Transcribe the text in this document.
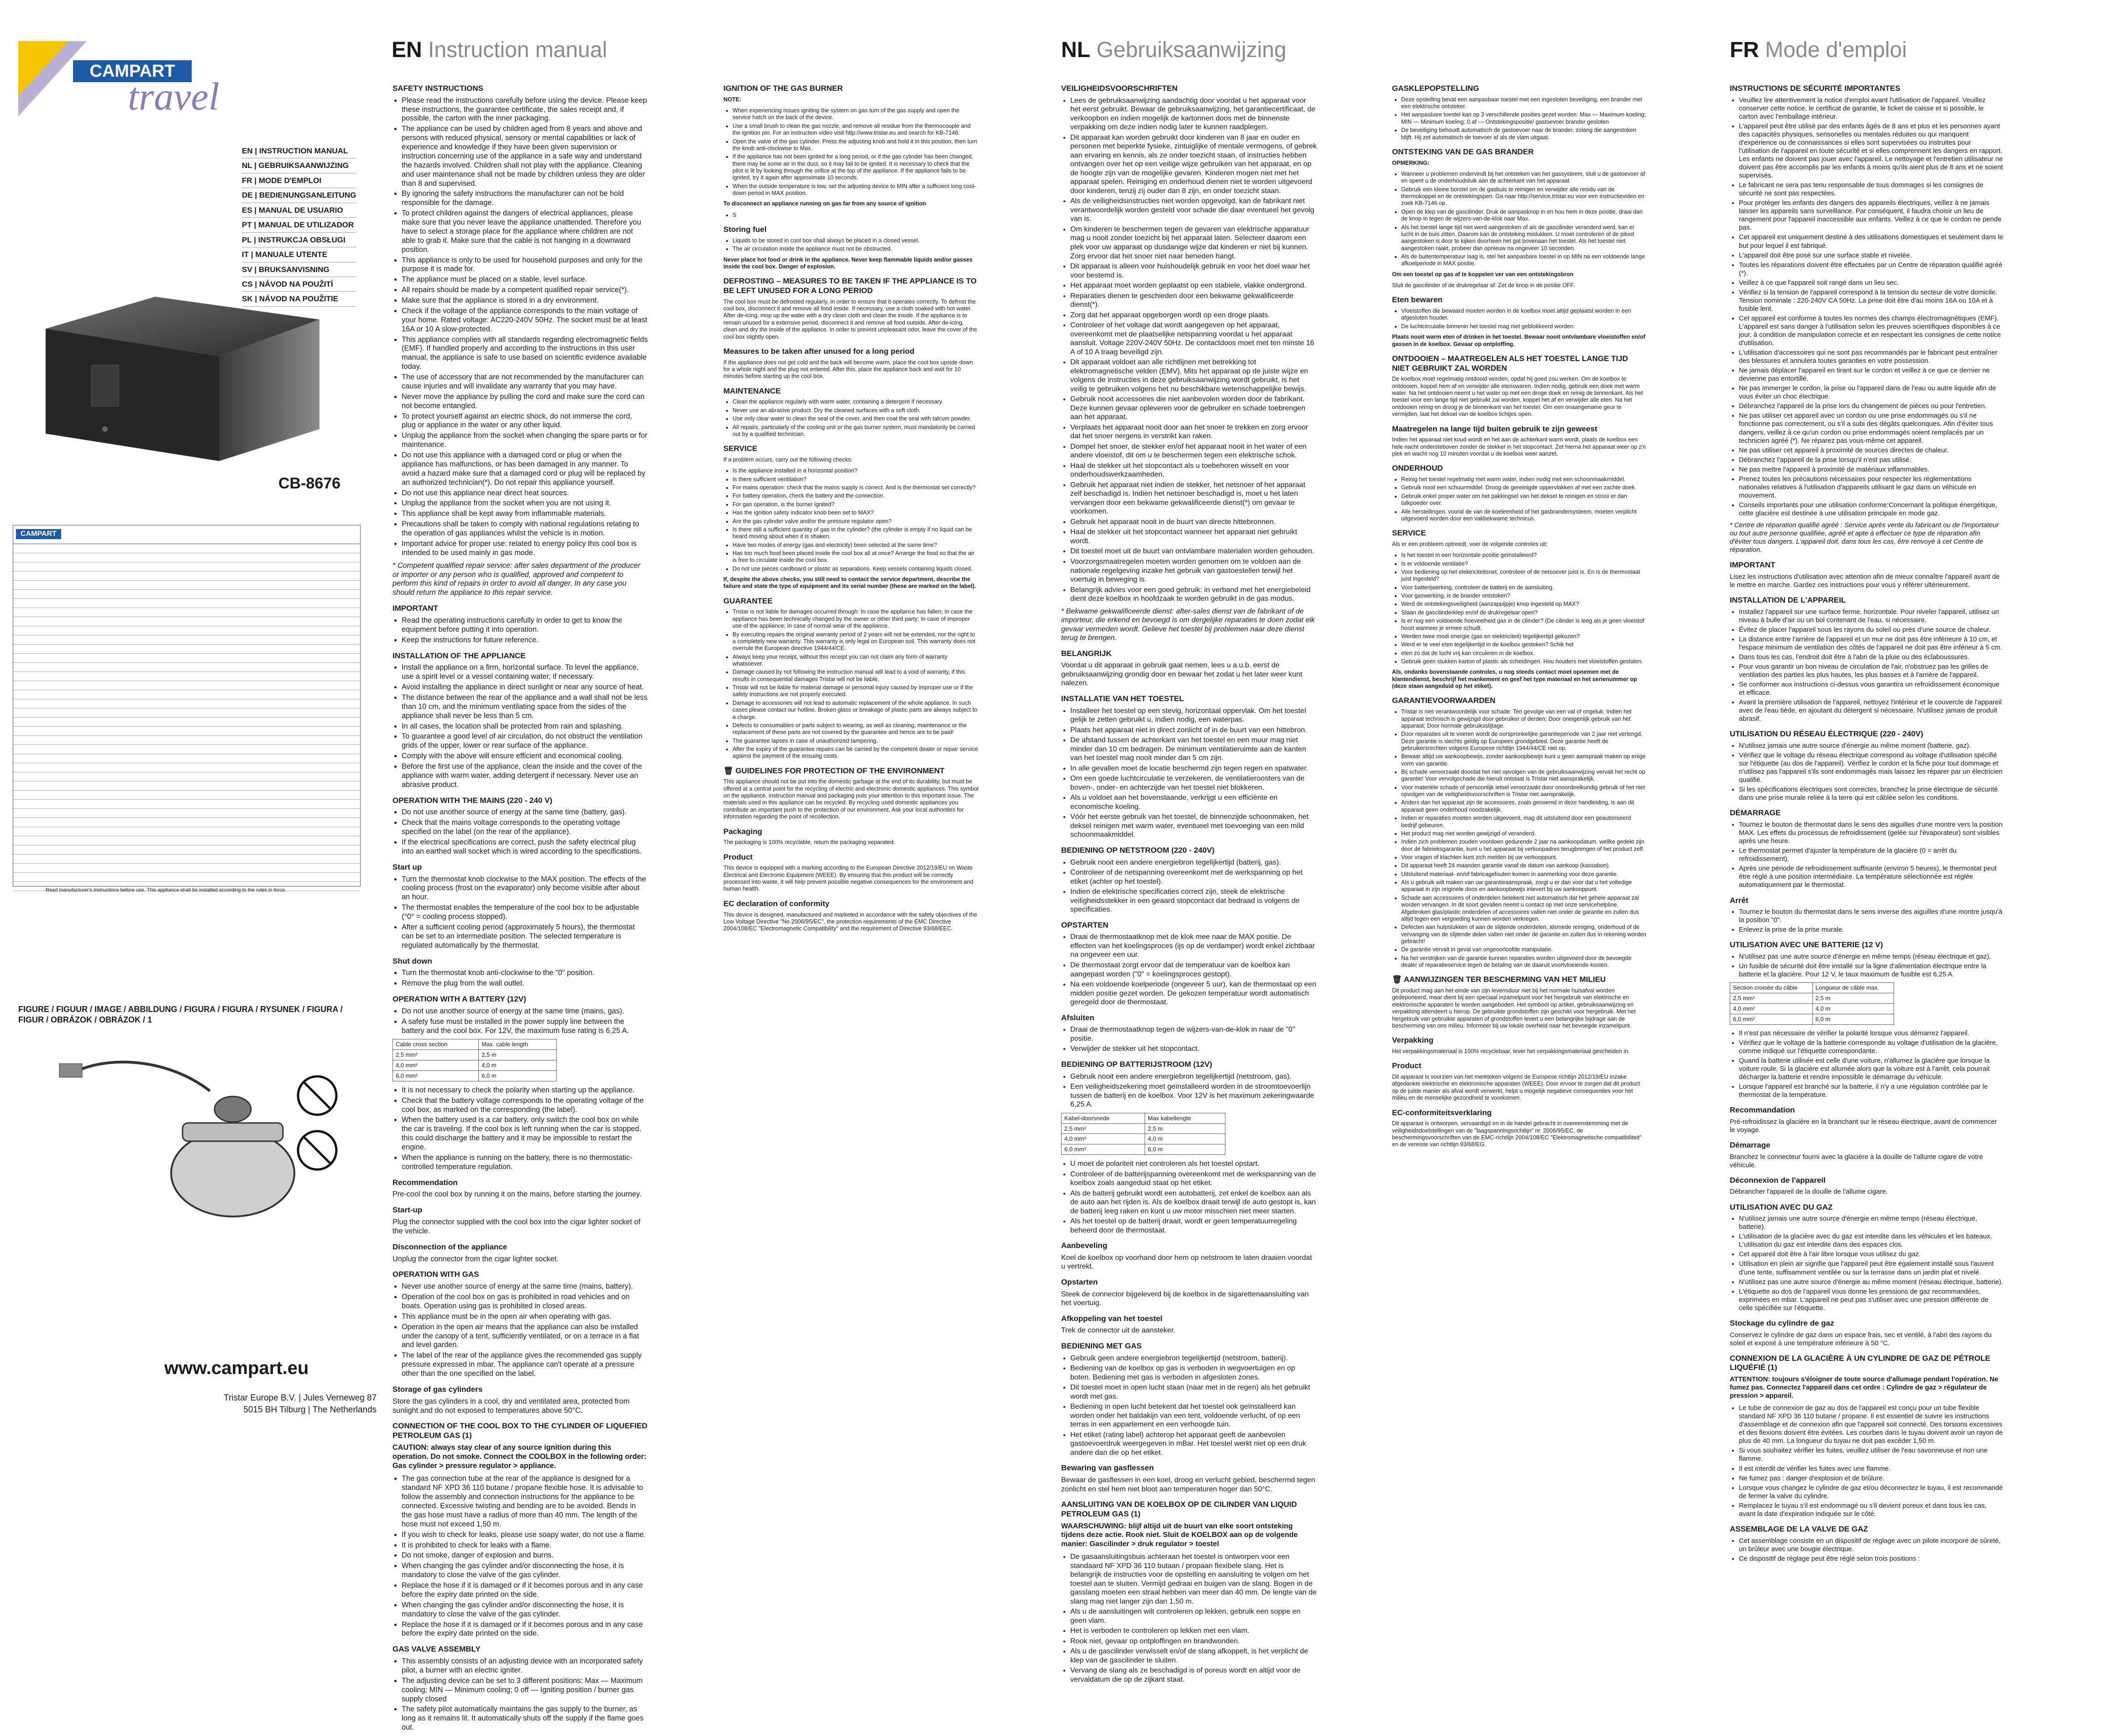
CAMPART
travel
EN | INSTRUCTION MANUAL
NL | GEBRUIKSAANWIJZING
FR | MODE D'EMPLOI
DE | BEDIENUNGSANLEITUNG
ES | MANUAL DE USUARIO
PT | MANUAL DE UTILIZADOR
PL | INSTRUKCJA OBSŁUGI
IT | MANUALE UTENTE
SV | BRUKSANVISNING
CS | NÁVOD NA POUŽITÍ
SK | NÁVOD NA POUŽITIE
CB-8676
CAMPART
Read manufacturer's instructions before use. This appliance shall be installed according to the rules in force.
FIGURE / FIGUUR / IMAGE / ABBILDUNG / FIGURA / FIGURA / RYSUNEK / FIGURA / FIGUR / OBRÁZOK / OBRÁZOK / 1
www.campart.eu
Tristar Europe B.V. | Jules Verneweg 87
5015 BH Tilburg | The Netherlands
EN Instruction manual	NL Gebruiksaanwijzing	FR Mode d'emploi
SAFETY INSTRUCTIONS
• Please read the instructions carefully before using the device. Please keep these instructions, the guarantee certificate, the sales receipt and, if possible, the carton with the inner packaging.
• The appliance can be used by children aged from 8 years and above and persons with reduced physical, sensory or mental capabilities or lack of experience and knowledge if they have been given supervision or instruction concerning use of the appliance in a safe way and understand the hazards involved. Children shall not play with the appliance. Cleaning and user maintenance shall not be made by children unless they are older than 8 and supervised.
• By ignoring the safety instructions the manufacturer can not be hold responsible for the damage.
• To protect children against the dangers of electrical appliances, please make sure that you never leave the appliance unattended. Therefore you have to select a storage place for the appliance where children are not able to grab it. Make sure that the cable is not hanging in a downward position.
• This appliance is only to be used for household purposes and only for the purpose it is made for.
• The appliance must be placed on a stable, level surface.
• All repairs should be made by a competent qualified repair service(*).
• Make sure that the appliance is stored in a dry environment.
• Check if the voltage of the appliance corresponds to the main voltage of your home. Rated voltage: AC220-240V 50Hz. The socket must be at least 16A or 10 A slow-protected.
• This appliance complies with all standards regarding electromagnetic fields (EMF). If handled properly and according to the instructions in this user manual, the appliance is safe to use based on scientific evidence available today.
• The use of accessory that are not recommended by the manufacturer can cause injuries and will invalidate any warranty that you may have.
• Never move the appliance by pulling the cord and make sure the cord can not become entangled.
• To protect yourself against an electric shock, do not immerse the cord, plug or appliance in the water or any other liquid.
• Unplug the appliance from the socket when changing the spare parts or for maintenance.
• Do not use this appliance with a damaged cord or plug or when the appliance has malfunctions, or has been damaged in any manner. To avoid a hazard make sure that a damaged cord or plug will be replaced by an authorized technician(*). Do not repair this appliance yourself.
• Do not use this appliance near direct heat sources.
• Unplug the appliance from the socket when you are not using it.
• This appliance shall be kept away from inflammable materials.
• Precautions shall be taken to comply with national regulations relating to the operation of gas appliances whilst the vehicle is in motion.
• Important advice for proper use: related to energy policy this cool box is intended to be used mainly in gas mode.

* Competent qualified repair service: after sales department of the producer or importer or any person who is qualified, approved and competent to perform this kind of repairs in order to avoid all danger. In any case you should return the appliance to this repair service.

IMPORTANT
• Read the operating instructions carefully in order to get to know the equipment before putting it into operation.
• Keep the instructions for future reference.
INSTALLATION OF THE APPLIANCE
• Install the appliance on a firm, horizontal surface. To level the appliance, use a spirit level or a vessel containing water, if necessary.
• Avoid installing the appliance in direct sunlight or near any source of heat.
• The distance between the rear of the appliance and a wall shall not be less than 10 cm, and the minimum ventilating space from the sides of the appliance shall never be less than 5 cm.
• In all cases, the location shall be protected from rain and splashing.
• To guarantee a good level of air circulation, do not obstruct the ventilation grids of the upper, lower or rear surface of the appliance.
• Comply with the above will ensure efficient and economical cooling.
• Before the first use of the appliance, clean the inside and the cover of the appliance with warm water, adding detergent if necessary. Never use an abrasive product.
OPERATION WITH THE MAINS (220 - 240 V)
• Do not use another source of energy at the same time (battery, gas).
• Check that the mains voltage corresponds to the operating voltage specified on the label (on the rear of the appliance).
• If the electrical specifications are correct, push the safety electrical plug into an earthed wall socket which is wired according to the specifications.
Start up
• Turn the thermostat knob clockwise to the MAX position. The effects of the cooling process (frost on the evaporator) only become visible after about an hour.
• The thermostat enables the temperature of the cool box to be adjustable (°0° = cooling process stopped).
• After a sufficient cooling period (approximately 5 hours), the thermostat can be set to an intermediate position. The selected temperature is regulated automatically by the thermostat.
Shut down
• Turn the thermostat knob anti-clockwise to the "0" position.
• Remove the plug from the wall outlet.
OPERATION WITH A BATTERY (12V)
• Do not use another source of energy at the same time (mains, gas).
• A safety fuse must be installed in the power supply line between the battery and the cool box. For 12V, the maximum fuse rating is 6,25 A.
Cable cross section	Max. cable length
2,5 mm²	2,5 m
4,0 mm²	4,0 m
6,0 mm²	6,0 m
• It is not necessary to check the polarity when starting up the appliance.
• Check that the battery voltage corresponds to the operating voltage of the cool box, as marked on the corresponding (the label).
• When the battery used is a car battery, only switch the cool box on while the car is traveling. If the cool box is left running when the car is stopped, this could discharge the battery and it may be impossible to restart the engine.
• When the appliance is running on the battery, there is no thermostatic-controlled temperature regulation.
Recommendation

Pre-cool the cool box by running it on the mains, before starting the journey.

Start-up

Plug the connector supplied with the cool box into the cigar lighter socket of the vehicle.

Disconnection of the appliance

Unplug the connector from the cigar lighter socket.

OPERATION WITH GAS
• Never use another source of energy at the same time (mains, battery).
• Operation of the cool box on gas is prohibited in road vehicles and on boats. Operation using gas is prohibited in closed areas.
• This appliance must be in the open air when operating with gas.
• Operation in the open air means that the appliance can also be installed under the canopy of a tent, sufficiently ventilated, or on a terrace in a flat and level garden.
• The label of the rear of the appliance gives the recommended gas supply pressure expressed in mbar. The appliance can't operate at a pressure other than the one specified on the label.
Storage of gas cylinders

Store the gas cylinders in a cool, dry and ventilated area, protected from sunlight and do not exposed to temperatures above 50°C.

CONNECTION OF THE COOL BOX TO THE CYLINDER OF LIQUEFIED PETROLEUM GAS (1)

CAUTION: always stay clear of any source ignition during this operation. Do not smoke. Connect the COOLBOX in the following order: Gas cylinder > pressure regulator > appliance.

• The gas connection tube at the rear of the appliance is designed for a standard NF XPD 36 110 butane / propane flexible hose. It is advisable to follow the assembly and connection instructions for the appliance to be connected. Excessive twisting and bending are to be avoided. Bends in the gas hose must have a radius of more than 40 mm. The length of the hose must not exceed 1,50 m.
• If you wish to check for leaks, please use soapy water, do not use a flame.
• It is prohibited to check for leaks with a flame.
• Do not smoke, danger of explosion and burns.
• When changing the gas cylinder and/or disconnecting the hose, it is mandatory to close the valve of the gas cylinder.
• Replace the hose if it is damaged or if it becomes porous and in any case before the expiry date printed on the side.
• When changing the gas cylinder and/or disconnecting the hose, it is mandatory to close the valve of the gas cylinder.
• Replace the hose if it is damaged or if it becomes porous and in any case before the expiry date printed on the side.
GAS VALVE ASSEMBLY
• This assembly consists of an adjusting device with an incorporated safety pilot, a burner with an electric igniter.
• The adjusting device can be set to 3 different positions: Max — Maximum cooling; MIN — Minimum cooling; 0 off — Igniting position / burner gas supply closed
• The safety pilot automatically maintains the gas supply to the burner, as long as it remains lit. It automatically shuts off the supply if the flame goes out.
IGNITION OF THE GAS BURNER

NOTE:

• When experiencing issues igniting the system on gas turn of the gas supply and open the service hatch on the back of the device.
• Use a small brush to clean the gas nozzle, and remove all residue from the thermocouple and the ignition pin. For an instruction video visit http://www.tristar.eu and search for KB-7146.
• Open the valve of the gas cylinder. Press the adjusting knob and hold it in this position, then turn the knob anti-clockwise to Max.
• If the appliance has not been ignited for a long period, or if the gas cylinder has been changed, there may be some air in the duct, so it may fail to be ignited. It is necessary to check that the pilot is lit by looking through the orifice at the top of the appliance. If the appliance fails to be ignited, try it again after approximate 10 seconds.
• When the outside temperature is low, set the adjusting device to MIN after a sufficient long cool-down period in MAX position.

To disconnect an appliance running on gas far from any source of ignition

• S
Storing fuel
• Liquids to be stored in cool box shall always be placed in a closed vessel.
• The air circulation inside the appliance must not be obstructed.

Never place hot food or drink in the appliance. Never keep flammable liquids and/or gasses inside the cool box. Danger of explosion.

DEFROSTING – MEASURES TO BE TAKEN IF THE APPLIANCE IS TO BE LEFT UNUSED FOR A LONG PERIOD

The cool box must be defrosted regularly, in order to ensure that it operates correctly. To defrost the cool box, disconnect it and remove all food inside. If necessary, use a cloth soaked with hot water. After de-icing, mop up the water with a dry clean cloth and clean the inside. If the appliance is to remain unused for a extensive period, disconnect it and remove all food outside. After de-icing, clean and dry the inside of the appliance. In order to prevent unpleasant odor, leave the cover of the cool box slightly open.

Measures to be taken after unused for a long period

If the appliance does not get cold and the back will become warm, place the cool box upside down for a whole night and the plug not entered. After this, place the appliance back and wait for 10 minutes before starting up the cool box.

MAINTENANCE
• Clean the appliance regularly with warm water, containing a detergent if necessary.
• Never use an abrasive product. Dry the cleaned surfaces with a soft cloth.
• Use only clear water to clean the seal of the cover, and then coat the seal with talcum powder.
• All repairs, particularly of the cooling unit or the gas burner system, must mandatorily be carried out by a qualified technician.
SERVICE

If a problem occurs, carry out the following checks:

• Is the appliance installed in a horizontal position?
• Is there sufficient ventilation?
• For mains operation: check that the mains supply is correct. And is the thermostat set correctly?
• For battery operation, check the battery and the connection.
• For gas operation, is the burner ignited?
• Has the ignition safety indicator knob been set to MAX?
• Are the gas cylinder valve and/or the pressure regulator open?
• Is there still a sufficient quantity of gas in the cylinder? (the cylinder is empty if no liquid can be heard moving about when it is shaken.
• Have two modes of energy (gas and electricity) been selected at the same time?
• Has too much food been placed inside the cool box all at once? Arrange the food so that the air is free to circulate inside the cool box.
• Do not use pieces cardboard or plastic as separations. Keep vessels containing liquids closed.

If, despite the above checks, you still need to contact the service department, describe the failure and state the type of equipment and its serial number (these are marked on the label).

GUARANTEE
• Tristar is not liable for damages occurred through: In case the appliance has fallen; In case the appliance has been technically changed by the owner or other third party; In case of improper use of the appliance; In case of normal wear of the appliance.
• By executing repairs the original warranty period of 2 years will not be extended, nor the right to a completely new warranty. This warranty is only legal on European soil. This warranty does not overrule the European directive 1944/44/CE.
• Always keep your receipt, without this receipt you can not claim any form of warranty whatsoever.
• Damage caused by not following the instruction manual will lead to a void of warranty, if this results in consequential damages Tristar will not be liable.
• Tristar will not be liable for material damage or personal injury caused by improper use or if the safety instructions are not properly executed.
• Damage to accessories will not lead to automatic replacement of the whole appliance. In such cases please contact our hotline. Broken glass or breakage of plastic parts are always subject to a charge.
• Defects to consumables or parts subject to wearing, as well as cleaning, maintenance or the replacement of these parts are not covered by the guarantee and hence are to be paid!
• The guarantee lapses in case of unauthorized tampering.
• After the expiry of the guarantee repairs can be carried by the competent dealer or repair service against the payment of the ensuing costs.
🗑 GUIDELINES FOR PROTECTION OF THE ENVIRONMENT

This appliance should not be put into the domestic garbage at the end of its durability, but must be offered at a central point for the recycling of electric and electronic domestic appliances. This symbol on the appliance, instruction manual and packaging puts your attention to this important issue. The materials used in this appliance can be recycled. By recycling used domestic appliances you contribute an important push to the protection of our environment. Ask your local authorities for information regarding the point of recollection.

Packaging

The packaging is 100% recyclable, return the packaging separated.

Product

This device is equipped with a marking according to the European Directive 2012/19/EU on Waste Electrical and Electronic Equipment (WEEE). By ensuring that this product will be correctly processed into waste, it will help prevent possible negative consequences for the environment and human health.

EC declaration of conformity

This device is designed, manufactured and marketed in accordance with the safety objectives of the Low Voltage Directive "No 2006/95/EC", the protection requirements of the EMC Directive 2004/108/EC "Electromagnetic Compatibility" and the requirement of Directive 93/68/EEC.

VEILIGHEIDSVOORSCHRIFTEN
• Lees de gebruiksaanwijzing aandachtig door voordat u het apparaat voor het eerst gebruikt. Bewaar de gebruiksaanwijzing, het garantiecertificaat, de verkoopbon en indien mogelijk de kartonnen doos met de binnenste verpakking om deze indien nodig later te kunnen raadplegen.
• Dit apparaat kan worden gebruikt door kinderen van 8 jaar en ouder en personen met beperkte fysieke, zintuiglijke of mentale vermogens, of gebrek aan ervaring en kennis, als ze onder toezicht staan, of instructies hebben ontvangen over het op een veilige wijze gebruiken van het apparaat, en op de hoogte zijn van de mogelijke gevaren. Kinderen mogen niet met het apparaat spelen. Reiniging en onderhoud dienen niet te worden uitgevoerd door kinderen, tenzij zij ouder dan 8 zijn, en onder toezicht staan.
• Als de veiligheidsinstructies niet worden opgevolgd, kan de fabrikant niet verantwoordelijk worden gesteld voor schade die daar eventueel het gevolg van is.
• Om kinderen te beschermen tegen de gevaren van elektrische apparatuur mag u nooit zonder toezicht bij het apparaat laten. Selecteer daarom een plek voor uw apparaat op dusdanige wijze dat kinderen er niet bij kunnen. Zorg ervoor dat het snoer niet naar beneden hangt.
• Dit apparaat is alleen voor huishoudelijk gebruik en voor het doel waar het voor bestemd is.
• Het apparaat moet worden geplaatst op een stabiele, vlakke ondergrond.
• Reparaties dienen te geschieden door een bekwame gekwalificeerde dienst(*).
• Zorg dat het apparaat opgeborgen wordt op een droge plaats.
• Controleer of het voltage dat wordt aangegeven op het apparaat, overeenkomt met de plaatselijke netspanning voordat u het apparaat aansluit. Voltage 220V-240V 50Hz. De contactdoos moet met ten minste 16 A of 10 A traag beveiligd zijn.
• Dit apparaat voldoet aan alle richtlijnen met betrekking tot elektromagnetische velden (EMV). Mits het apparaat op de juiste wijze en volgens de instructies in deze gebruiksaanwijzing wordt gebruikt, is het veilig te gebruiken volgens het nu beschikbare wetenschappelijke bewijs.
• Gebruik nooit accessoires die niet aanbevolen worden door de fabrikant. Deze kunnen gevaar opleveren voor de gebruiker en schade toebrengen aan het apparaat.
• Verplaats het apparaat nooit door aan het snoer te trekken en zorg ervoor dat het snoer nergens in verstrikt kan raken.
• Dompel het snoer, de stekker en/of het apparaat nooit in het water of een andere vloeistof, dit om u te beschermen tegen een elektrische schok.
• Haal de stekker uit het stopcontact als u toebehoren wisselt en voor onderhoudswerkzaamheden.
• Gebruik het apparaat niet indien de stekker, het netsnoer of het apparaat zelf beschadigd is. Indien het netsnoer beschadigd is, moet u het laten vervangen door een bekwame gekwalificeerde dienst(*) om gevaar te voorkomen.
• Gebruik het apparaat nooit in de buurt van directe hittebronnen.
• Haal de stekker uit het stopcontact wanneer het apparaat niet gebruikt wordt.
• Dit toestel moet uit de buurt van ontvlambare materialen worden gehouden.
• Voorzorgsmaatregelen moeten worden genomen om te voldoen aan de nationale regelgeving inzake het gebruik van gastoestellen terwijl het voertuig in beweging is.
• Belangrijk advies voor een goed gebruik: in verband met het energiebeleid dient deze koelbox in hoofdzaak te worden gebruikt in de gas modus.

* Bekwame gekwalificeerde dienst: after-sales dienst van de fabrikant of de importeur, die erkend en bevoegd is om dergelijke reparaties te doen zodat elk gevaar vermeden wordt. Gelieve het toestel bij problemen naar deze dienst terug te brengen.

BELANGRIJK

Voordat u dit apparaat in gebruik gaat nemen, lees u a.u.b. eerst de gebruiksaanwijzing grondig door en bewaar het zodat u het later weer kunt nalezen.

INSTALLATIE VAN HET TOESTEL
• Installeer het toestel op een stevig, horizontaal oppervlak. Om het toestel gelijk te zetten gebruikt u, indien nodig, een waterpas.
• Plaats het apparaat niet in direct zonlicht of in de buurt van een hittebron.
• De afstand tussen de achterkant van het toestel en een muur mag niet minder dan 10 cm bedragen. De minimum ventilatieruimte aan de kanten van het toestel mag nooit minder dan 5 cm zijn.
• In alle gevallen moet de locatie beschermd zijn tegen regen en spatwater.
• Om een goede luchtcirculatie te verzekeren, de ventilatieroosters van de boven-, onder- en achterzijde van het toestel niet blokkeren.
• Als u voldoet aan het bovenstaande, verkrijgt u een efficiënte en economische koeling.
• Vóór het eerste gebruik van het toestel, de binnenzijde schoonmaken, het deksel reinigen met warm water, eventueel met toevoeging van een mild schoonmaakmiddel.
BEDIENING OP NETSTROOM (220 - 240V)
• Gebruik nooit een andere energiebron tegelijkertijd (batterij, gas).
• Controleer of de netspanning overeenkomt met de werkspanning op het etiket (achter op het toestel).
• Indien de elektrische specificaties correct zijn, steek de elektrische veiligheidsstekker in een geaard stopcontact dat bedraad is volgens de specificaties.
OPSTARTEN
• Draai de thermostaatknop met de klok mee naar de MAX positie. De effecten van het koelingsproces (ijs op de verdamper) wordt enkel zichtbaar na ongeveer een uur.
• De thermostaat zorgt ervoor dat de temperatuur van de koelbox kan aangepast worden ("0" = koelingsproces gestopt).
• Na een voldoende koelperiode (ongeveer 5 uur), kan de thermostaat op een midden positie gezet worden. De gekozen temperatuur wordt automatisch geregeld door de thermostaat.
Afsluiten
• Draai de thermostaatknop tegen de wijzers-van-de-klok in naar de "0" positie.
• Verwijder de stekker uit het stopcontact.
BEDIENING OP BATTERIJSTROOM (12V)
• Gebruik nooit een andere energiebron tegelijkertijd (netstroom, gas).
• Een veiligheidszekering moet geïnstalleerd worden in de stroomtoevoerlijn tussen de batterij en de koelbox. Voor 12V is het maximum zekeringwaarde 6,25 A.
Kabel-doorsnede	Max kabellengte
2,5 mm²	2,5 m
4,0 mm²	4,0 m
6,0 mm²	6,0 m
• U moet de polariteit niet controleren als het toestel opstart.
• Controleer of de batterijspanning overeenkomt met de werkspanning van de koelbox zoals aangeduid staat op het etiket.
• Als de batterij gebruikt wordt een autobatterij, zet enkel de koelbox aan als de auto aan het rijden is. Als de koelbox draait terwijl de auto gestopt is, kan de batterij leeg raken en kunt u uw motor misschien niet meer starten.
• Als het toestel op de batterij draait, wordt er geen temperatuurregeling beheerd door de thermostaat.
Aanbeveling

Koel de koelbox op voorhand door hem op netstroom te laten draaien voordat u vertrekt.

Opstarten

Steek de connector bijgeleverd bij de koelbox in de sigarettenaansluiting van het voertuig.

Afkoppeling van het toestel

Trek de connector uit de aansteker.

BEDIENING MET GAS
• Gebruik geen andere energiebron tegelijkertijd (netstroom, batterij).
• Bediening van de koelbox op gas is verboden in wegvoertuigen en op boten. Bediening met gas is verboden in afgesloten zones.
• Dit toestel moet in open lucht staan (naar met in de regen) als het gebruikt wordt met gas.
• Bediening in open lucht betekent dat het toestel ook geïnstalleerd kan worden onder het baldakijn van een tent, voldoende verlucht, of op een terras in een appartement en een verhoogde tuin.
• Het etiket (rating label) achterop het apparaat geeft de aanbevolen gastoevoerdruk weergegeven in mBar. Het toestel werkt niet op een druk andere dan die op het etiket.
Bewaring van gasflessen

Bewaar de gasflessen in een koel, droog en verlucht gebied, beschermd tegen zonlicht en stel hem niet bloot aan temperaturen hoger dan 50°C.

AANSLUITING VAN DE KOELBOX OP DE CILINDER VAN LIQUID PETROLEUM GAS (1)

WAARSCHUWING: blijf altijd uit de buurt van elke soort ontsteking tijdens deze actie. Rook niet. Sluit de KOELBOX aan op de volgende manier: Gascilinder > druk regulator > toestel

• De gasaansluitingsbuis achteraan het toestel is ontworpen voor een standaard NF XPD 36 110 butaan / propaan flexibele slang. Het is belangrijk de instructies voor de opstelling en aansluiting te volgen om het toestel aan te sluiten. Vermijd gedraai en buigen van de slang. Bogen in de gasslang moeten een straal hebben van meer dan 40 mm. De lengte van de slang mag niet langer zijn dan 1,50 m.
• Als u de aansluitingen wilt controleren op lekken, gebruik een soppe en geen vlam.
• Het is verboden te controleren op lekken met een vlam.
• Rook niet, gevaar op ontploffingen en brandwonden.
• Als u de gascilinder verwisselt en/of de slang afkoppelt, is het verplicht de klep van de gascilinder te sluiten.
• Vervang de slang als ze beschadigd is of poreus wordt en altijd voor de vervaldatum die op de zijkant staat.
GASKLEPOPSTELLING
• Deze opstelling bevat een aanpasbaar toestel met een ingesloten beveiliging, een brander met een elektrische ontsteker.
• Het aanpasbare toestel kan op 3 verschillende posities gezet worden: Max — Maximum koeling; MIN — Minimum koeling; 0 af — Ontstekingspositie/ gastoevoer brander gesloten
• De beveiliging behoudt automatisch de gastoevoer naar de brander, zolang die aangestoken blijft. Hij zet automatisch de toevoer af als de vlam uitgaat.
ONTSTEKING VAN DE GAS BRANDER

OPMERKING:

• Wanneer u problemen ondervindt bij het ontsteken van het gassysteem, sluit u de gastoevoer af en opent u de onderhoudsluik aan de achterkant van het apparaat.
• Gebruik een kleine borstel om de gasbuis te reinigen en verwijder alle residu van de thermokoppel en de ontstekingspen. Ga naar http://service.tristar.eu voor een instructievideo en zoek KB-7146 op.
• Open de klep van de gascilinder. Druk de aanpasknop in en hou hem in deze positie, draai dan de knop in tegen de wijzers-van-de-klok naar Max.
• Als het toestel lange tijd niet werd aangestoken of als de gascilinder veranderd werd, kan er lucht in de buis zitten. Daarom kan de ontsteking mislukken. U moet controleren of de piloot aangestoken is door te kijken doorheen het gat bovenaan het toestel. Als het toestel niet aangestoken raakt, probeer dan opnieuw na ongeveer 10 seconden.
• Als de buitentemperatuur laag is, stel het aanpasbare toestel in op MIN na een voldoende lange afkoelperiode in MAX positie.

Om een toestel op gas af te koppelen ver van een ontstekingsbron

Sluit de gascilinder of de drukregelaar af. Zet de knop in de positie OFF.

Eten bewaren
• Vloeistoffen die bewaard moeten worden in de koelbox moet altijd geplaatst worden in een afgesloten houder.
• De luchtcirculatie binnenin het toestel mag niet geblokkeerd worden.

Plaats nooit warm eten of drinken in het toestel. Bewaar nooit ontvlambare vloeistoffen en/of gassen in de koelbox. Gevaar op ontploffing.

ONTDOOIEN – MAATREGELEN ALS HET TOESTEL LANGE TIJD NIET GEBRUIKT ZAL WORDEN

De koelbox moet regelmatig ontdooid worden, opdat hij goed zou werken. Om de koelbox te ontdooien, koppel hem af en verwijder alle etenswaren. Indien nodig, gebruik een doek met warm water. Na het ontdooien neemt u het water op met een droge doek en reinig de binnenkant. Als het toestel voor een lange tijd niet gebruikt zal worden, koppel het af en verwijder alle eten. Na het ontdooien reinig en droog je de binnenkant van het toestel. Om een onaangename geur te vermijden, laat het deksel van de koelbox lichtjes open.

Maatregelen na lange tijd buiten gebruik te zijn geweest

Indien het apparaat niet koud wordt en het aan de achterkant warm wordt, plaats de koelbox een hele nacht ondersteboven zonder de stekker in het stopcontact. Zet hierna het apparaat weer op z'n plek en wacht nog 10 minuten voordat u de koelbox weer aanzet.

ONDERHOUD
• Reinig het toestel regelmatig met warm water, indien nodig met een schoonmaakmiddel.
• Gebruik nooit een schuurmiddel. Droog de gereinigde oppervlakken af met een zachte doek.
• Gebruik enkel proper water om het pakkingsel van het deksel te reinigen en strooi er dan talkpoeder over.
• Alle herstellingen, vooral de van de koeleenheid of het gasbrandersysteem, moeten verplicht uitgevoerd worden door een vakbekwame technicus.
SERVICE

Als er een probleem optreedt, voer de volgende controles uit:

• Is het toestel in een horizontale positie geïnstalleerd?
• Is er voldoende ventilatie?
• Voor bediening op het elektriciteitsnet, controleer of de netsoever juist is. En is de thermostaat juist ingesteld?
• Voor batterijwerking, controleer de batterij en de aansluiting.
• Voor gaswerking, is de brander ontstoken?
• Werd de ontstekingsveiligheid (aanzappijpje) knop ingesteld op MAX?
• Staan de gascilinderklep en/of de drukregelaar open?
• Is er nog een voldoende hoeveelheid gas in de cilinder? (De cilinder is leeg als je geen vloeistof hoort wanneer je ermee schudt.
• Werden twee modi energie (gas en elektriciteit) tegelijkertijd gekozen?
• Werd er te veel eten tegelijkertijd in de koelbox gestoken? Schik het
• eten zo dat de lucht vrij kan circuleren in de koelbox.
• Gebruik geen stukken karton of plastic als scheidingen. Hou houders met vloeistoffen gesloten.

Als, ondanks bovenstaande controles, u nog steeds contact moet opnemen met de klantendienst, beschrijf het mankement en geef het type materiaal en het serienummer op (deze staan aangeduid op het etiket).

GARANTIEVOORWAARDEN
• Tristar is niet verantwoordelijk voor schade: Ten gevolge van een val of ongeluk; Indien het apparaat technisch is gewijzigd door gebruiker of derden; Door oneigenlijk gebruik van het apparaat; Door normale gebruiksslijtage.
• Door reparaties uit te voeren wordt de oorspronkelijke garantieperiode van 2 jaar niet verlengd. Deze garantie is slechts geldig op Europees grondgebied. Deze garantie heeft de gebruikersrechten volgens Europese richtlijn 1944/44/CE niet op.
• Bewaar altijd uw aankoopbewijs, zonder aankoopbewijs kunt u geen aanspraak maken op enige vorm van garantie.
• Bij schade veroorzaakt doordat het niet opvolgen van de gebruiksaanwijzing vervalt het recht op garantie! Voor vervolgschade die hieruit ontstaat is Tristar niet aansprakelijk.
• Voor materiële schade of persoonlijk letsel veroorzaakt door onoordeelkundig gebruik of het niet opvolgen van de veiligheidsvoorschriften is Tristar niet aansprakelijk.
• Anders dan het apparaat zijn de accessoires, zoals genoemd in deze handleiding, is aan dit apparaat geen onderhoud noodzakelijk.
• Indien er reparaties moeten worden uitgevoerd, mag dit uitsluitend door een geautoriseerd bedrijf gebeuren.
• Het product mag niet worden gewijzigd of veranderd.
• Indien zich problemen zouden voordoen gedurende 2 jaar na aankoopdatum, wellke gedekt zijn door de fabrieksgarantie, kunt u het apparaat bij verkoopadres terugbrengen of het product zelf.
• Voor vragen of klachten kunt zich melden bij uw verkooppunt.
• Dit apparaat heeft 24 maanden garantie vanaf de datum van aankoop (kassabon).
• Uitsluitend materiaal- en/of fabricagefouten komen in aanmerking voor deze garantie.
• Als u gebruik wilt maken van uw garantieaanspraak, zorgt u er dan voor dat u het volledige apparaat in zijn originele doos en aankoopbewijs inlevert bij uw aankooppunt.
• Schade aan accessoires of onderdelen betekent niet automatisch dat het gehele apparaat zal worden vervangen. In dit soort gevallen neemt u contact op met onze servicehelpline. Afgebroken glas/plastic onderdelen of accessoires vallen niet onder de garantie en zullen dus altijd tegen een vergoeding kunnen worden verkregen.
• Defecten aan hulpstukken of aan de slijtende onderdelen, alsmede reiniging, onderhoud of de vervanging van de slijtende delen vallen niet onder de garantie en zullen dus in rekening worden gebracht!
• De garantie vervalt in geval van ongeoorloofde manipulatie.
• Na het verstrijken van de garantie kunnen reparaties worden uitgevoerd door de bevoegde dealer of reparatieservice tegen de betaling van de daaruit voortvloeiende kosten.
🗑 AANWIJZINGEN TER BESCHERMING VAN HET MILIEU

Dit product mag aan het einde van zijn levensduur niet bij het normale huisafval worden gedeponeerd, maar dient bij een speciaal inzamelpunt voor het hergebruik van elektrische en elektronische apparaten te worden aangeboden. Het symbool op artikel, gebruiksaanwijzing en verpakking attendeert u hierop. De gebruikte grondstoffen zijn geschikt voor hergebruik. Met het hergebruik van gebruikte apparaten of grondstoffen levert u een belangrijke bijdrage aan de bescherming van ons milieu. Informeer bij uw lokale overheid naar het bevoegde inzamelpunt.

Verpakking

Het verpakkingsmateriaal is 100% recyclebaar, lever het verpakkingsmateriaal gescheiden in.

Product

Dit apparaat is voorzien van het merkteken volgens de Europese richtlijn 2012/19/EU inzake afgedankte elektrische en elektronische apparaten (WEEE). Door ervoor te zorgen dat dit product op de juiste manier als afval wordt verwerkt, helpt u mogelijk negatieve consequenties voor het milieu en de menselijke gezondheid te voorkomen.

EC-conformiteitsverklaring

Dit apparaat is ontworpen, vervaardigd en in de handel gebracht in overeenstemming met de veiligheidsdoelstellingen van de "laagspanningsrichtlijn" nr. 2006/95/EC, de beschermingsvoorschriften van de EMC-richtlijn 2004/108/EC "Elektromagnetische compatibiliteit" en de vereiste van richtlijn 93/68/EG.

INSTRUCTIONS DE SÉCURITÉ IMPORTANTES
• Veuillez lire attentivement la notice d'emploi avant l'utilisation de l'appareil. Veuillez conserver cette notice, le certificat de garantie, le ticket de caisse et si possible, le carton avec l'emballage intérieur.
• L'appareil peut être utilisé par des enfants âgés de 8 ans et plus et les personnes ayant des capacités physiques, sensorielles ou mentales réduites ou qui manquent d'expérience ou de connaissances si elles sont supervisées ou instruites pour l'utilisation de l'appareil en toute sécurité et si elles comprennent les dangers en rapport. Les enfants ne doivent pas jouer avec l'appareil. Le nettoyage et l'entretien utilisateur ne doivent pas être accomplis par les enfants à moins qu'ils aient plus de 8 ans et ne soient supervisés.
• Le fabricant ne sera pas tenu responsable de tous dommages si les consignes de sécurité ne sont pas respectées.
• Pour protéger les enfants des dangers des appareils électriques, veillez à ne jamais laisser les appareils sans surveillance. Par conséquent, il faudra choisir un lieu de rangement pour l'appareil inaccessible aux enfants. Veillez à ce que le cordon ne pende pas.
• Cet appareil est uniquement destiné à des utilisations domestiques et seulement dans le but pour lequel il est fabriqué.
• L'appareil doit être posé sur une surface stable et nivelée.
• Toutes les réparations doivent être effectuées par un Centre de réparation qualifié agréé (*).
• Veillez à ce que l'appareil soit rangé dans un lieu sec.
• Vérifiez si la tension de l'appareil correspond à la tension du secteur de votre domicile. Tension nominale : 220-240V CA 50Hz. La prise doit être d'au moins 16A ou 10A et à fusible lent.
• Cet appareil est conforme à toutes les normes des champs électromagnétiques (EMF). L'appareil est sans danger à l'utilisation selon les preuves scientifiques disponibles à ce jour, à condition de manipulation correcte et en respectant les consignes de cette notice d'utilisation.
• L'utilisation d'accessoires qui ne sont pas recommandés par le fabricant peut entraîner des blessures et annulera toutes garanties en votre possession.
• Ne jamais déplacer l'appareil en tirant sur le cordon et veillez à ce que ce dernier ne devienne pas entortillé.
• Ne pas immerger le cordon, la prise ou l'appareil dans de l'eau ou autre liquide afin de vous éviter un choc électrique.
• Débranchez l'appareil de la prise lors du changement de pièces ou pour l'entretien.
• Ne pas utiliser cet appareil avec un cordon ou une prise endommagés ou s'il ne fonctionne pas correctement, ou s'il a subi des dégâts quelconques. Afin d'éviter tous dangers, veillez à ce qu'un cordon ou prise endommagés soient remplacés par un technicien agréé (*). Ne réparez pas vous-même cet appareil.
• Ne pas utiliser cet appareil à proximité de sources directes de chaleur.
• Débranchez l'appareil de la prise lorsqu'il n'est pas utilisé.
• Ne pas mettre l'appareil à proximité de matériaux inflammables.
• Prenez toutes les précautions nécessaires pour respecter les réglementations nationales relatives à l'utilisation d'appareils utilisant le gaz dans un véhicule en mouvement.
• Conseils importants pour une utilisation conforme:Concernant la politique énergétique, cette glacière est destinée à une utilisation principale en mode gaz.

* Centre de réparation qualifié agréé : Service après vente du fabricant ou de l'importateur ou tout autre personne qualifiée, agréé et apte à effectuer ce type de réparation afin d'éviter tous dangers. L'appareil doit, dans tous les cas, être renvoyé à cet Centre de réparation.

IMPORTANT

Lisez les instructions d'utilisation avec attention afin de mieux connaître l'appareil avant de le mettre en marche. Gardez ces instructions pour vous y référer ultérieurement.

INSTALLATION DE L'APPAREIL
• Installez l'appareil sur une surface ferme, horizontale. Pour niveler l'appareil, utilisez un niveau à bulle d'air ou un bol contenant de l'eau, si nécessaire.
• Évitez de placer l'appareil sous les rayons du soleil ou près d'une source de chaleur.
• La distance entre l'arrière de l'appareil et un mur ne doit pas être inférieure à 10 cm, et l'espace minimum de ventilation des côtés de l'appareil ne doit pas être inférieur à 5 cm.
• Dans tous les cas, l'endroit doit être à l'abri de la pluie ou des éclaboussures.
• Pour vous garantir un bon niveau de circulation de l'air, n'obstruez pas les grilles de ventilation des parties les plus hautes, les plus basses et à l'arrière de l'appareil.
• Se conformer aux instructions ci-dessus vous garantira un refroidissement économique et efficace.
• Avant la première utilisation de l'appareil, nettoyez l'intérieur et le couvercle de l'appareil avec de l'eau tiède, en ajoutant du détergent si nécessaire. N'utilisez jamais de produit abrasif.
UTILISATION DU RÉSEAU ÉLECTRIQUE (220 - 240V)
• N'utilisez jamais une autre source d'énergie au même moment (batterie, gaz).
• Vérifiez que le voltage du réseau électrique correspond au voltage d'utilisation spécifié sur l'étiquette (au dos de l'appareil). Vérifiez le cordon et la fiche pour tout dommage et n'utilisez pas l'appareil s'ils sont endommagés mais laissez les réparer par un électricien qualifié.
• Si les spécifications électriques sont correctes, branchez la prise électrique de sécurité dans une prise murale reliée à la terre qui est câblée selon les conditions.
DÉMARRAGE
• Tournez le bouton de thermostat dans le sens des aiguilles d'une montre vers la position MAX. Les effets du processus de refroidissement (gelée sur l'évaporateur) sont visibles après une heure.
• Le thermostat permet d'ajuster la température de la glacière (0 = arrêt du refroidissement).
• Après une période de refroidissement suffisante (environ 5 heures), le thermostat peut être réglé à une position intermédiaire. La température sélectionnée est réglée automatiquement par le thermostat.
Arrêt
• Tournez le bouton du thermostat dans le sens inverse des aiguilles d'une montre jusqu'à la position "0".
• Enlevez la prise de la prise murale.
UTILISATION AVEC UNE BATTERIE (12 V)
• N'utilisez pas une autre source d'énergie en même temps (réseau électrique et gaz).
• Un fusible de sécurité doit être installé sur la ligne d'alimentation électrique entre la batterie et la glacière. Pour 12 V, le taux maximum de fusible est 6,25 A.
Section croisée du câble	Longueur de câble max.
2,5 mm²	2,5 m
4,0 mm²	4,0 m
6,0 mm²	6,0 m
• Il n'est pas nécessaire de vérifier la polarité lorsque vous démarrez l'appareil.
• Vérifiez que le voltage de la batterie corresponde au voltage d'utilisation de la glacière, comme indiqué sur l'étiquette correspondante.
• Quand la batterie utilisée est celle d'une voiture, n'allumez la glacière que lorsque la voiture roule. Si la glacière est allumée alors que la voiture est à l'arrêt, cela pourrait décharger la batterie et rendre impossible le démarrage du véhicule.
• Lorsque l'appareil est branché sur la batterie, il n'y a une régulation contrôlée par le thermostat de la température.
Recommandation

Pré-refroidissez la glacière en la branchant sur le réseau électrique, avant de commencer le voyage.

Démarrage

Branchez le connecteur fourni avec la glacière à la douille de l'allume cigare de votre véhicule.

Déconnexion de l'appareil

Débrancher l'appareil de la douille de l'allume cigare.

UTILISATION AVEC DU GAZ
• N'utilisez jamais une autre source d'énergie en même temps (réseau électrique, batterie).
• L'utilisation de la glacière avec du gaz est interdite dans les véhicules et les bateaux. L'utilisation du gaz est interdite dans des espaces clos.
• Cet appareil doit être à l'air libre lorsque vous utilisez du gaz.
• Utilisation en plein air signifie que l'appareil peut être également installé sous l'auvent d'une tente, suffisamment ventilée ou sur la terrasse dans un jardin plat et nivelé.
• N'utilisez pas une autre source d'énergie au même moment (réseau électrique, batterie).
• L'étiquette au dos de l'appareil vous donne les pressions de gaz recommandées, exprimées en mbar. L'appareil ne peut pas s'utiliser avec une pression différente de celle spécifiée sur l'étiquette.
Stockage du cylindre de gaz

Conservez le cylindre de gaz dans un espace frais, sec et ventilé, à l'abri des rayons du soleil et exposé à une température inférieure à 50 °C.

CONNEXION DE LA GLACIÈRE À UN CYLINDRE DE GAZ DE PÉTROLE LIQUÉFIÉ (1)

ATTENTION: toujours s'éloigner de toute source d'allumage pendant l'opération. Ne fumez pas. Connectez l'appareil dans cet ordre : Cylindre de gaz > régulateur de pression > appareil.

• Le tube de connexion de gaz au dos de l'appareil est conçu pour un tube flexible standard NF XPD 36 110 butane / propane. Il est essentiel de suivre les instructions d'assemblage et de connexion afin que l'appareil soit connecté. Des torsions excessives et des flexions doivent être évitées. Les courbes dans le tuyau doivent avoir un rayon de plus de 40 mm. La longueur du tuyau ne doit pas excéder 1,50 m.
• Si vous souhaitez vérifier les fuites, veuillez utiliser de l'eau savonneuse et non une flamme.
• Il est interdit de vérifier les fuites avec une flamme.
• Ne fumez pas : danger d'explosion et de brûlure.
• Lorsque vous changez le cylindre de gaz et/ou déconnectez le tuyau, il est recommandé de fermer la valve du cylindre.
• Remplacez le tuyau s'il est endommagé ou s'il devient poreux et dans tous les cas, avant la date d'expiration indiquée sur le côté.
ASSEMBLAGE DE LA VALVE DE GAZ
• Cet assemblage consiste en un dispositif de réglage avec un pilote incorporé de sûreté, un brûleur avec une bougie électrique.
• Ce dispositif de réglage peut être réglé selon trois positions :
